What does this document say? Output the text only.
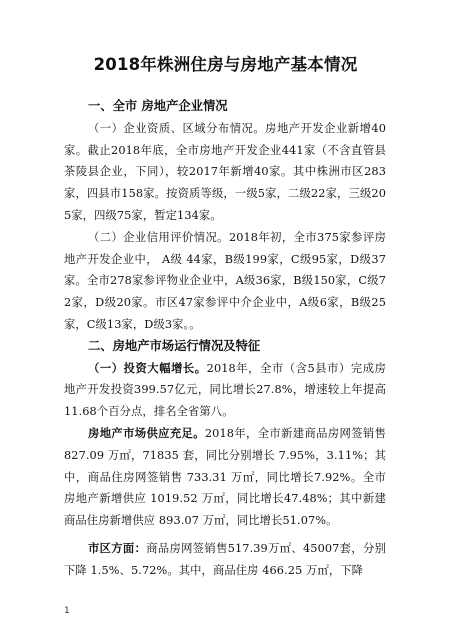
2018年株洲住房与房地产基本情况

一、全市 房地产企业情况

（一）企业资质、区域分布情况。房地产开发企业新增40家。截止2018年底，全市房地产开发企业441家（不含直管县茶陵县企业，下同），较2017年新增40家。其中株洲市区283家，四县市158家。按资质等级，一级5家，二级22家，三级205家，四级75家，暂定134家。

（二）企业信用评价情况。2018年初，全市375家参评房地产开发企业中， A级 44家，B级199家，C级95家，D级37家。全市278家参评物业企业中，A级36家，B级150家，C级72家，D级20家。市区47家参评中介企业中，A级6家，B级25家，C级13家，D级3家。。

二、房地产市场运行情况及特征

（一）投资大幅增长。2018年，全市（含5县市）完成房地产开发投资399.57亿元，同比增长27.8%，增速较上年提高11.68个百分点，排名全省第八。

房地产市场供应充足。2018年，全市新建商品房网签销售 827.09 万㎡，71835 套，同比分别增长 7.95%，3.11%；其中，商品住房网签销售 733.31 万㎡，同比增长7.92%。全市房地产新增供应 1019.52 万㎡，同比增长47.48%；其中新建商品住房新增供应 893.07 万㎡，同比增长51.07%。

市区方面：商品房网签销售517.39万㎡、45007套，分别下降 1.5%、5.72%。其中，商品住房 466.25 万㎡，下降

1
